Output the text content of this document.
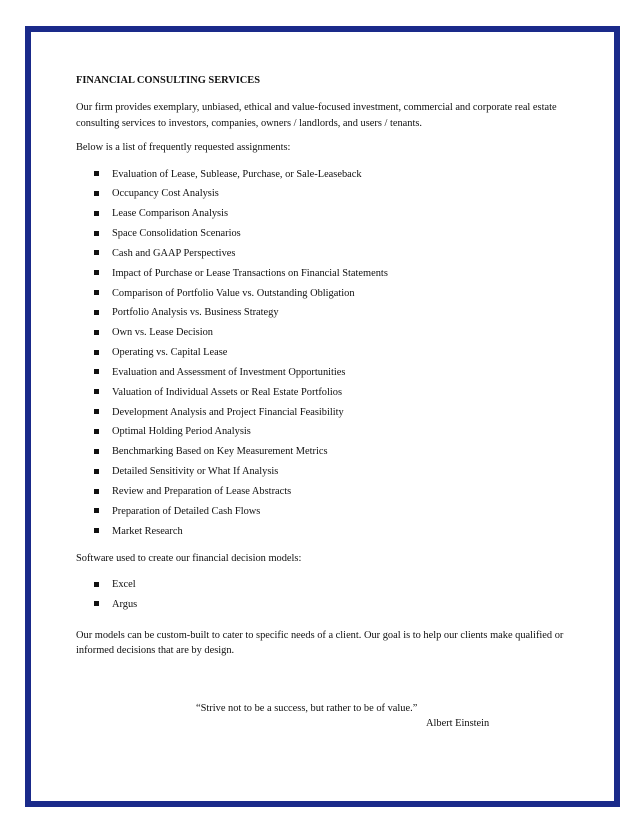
FINANCIAL CONSULTING SERVICES

Our firm provides exemplary, unbiased, ethical and value-focused investment, commercial and corporate real estate consulting services to investors, companies, owners / landlords, and users / tenants.

Below is a list of frequently requested assignments:

Evaluation of Lease, Sublease, Purchase, or Sale-Leaseback
Occupancy Cost Analysis
Lease Comparison Analysis
Space Consolidation Scenarios
Cash and GAAP Perspectives
Impact of Purchase or Lease Transactions on Financial Statements
Comparison of Portfolio Value vs. Outstanding Obligation
Portfolio Analysis vs. Business Strategy
Own vs. Lease Decision
Operating vs. Capital Lease
Evaluation and Assessment of Investment Opportunities
Valuation of Individual Assets or Real Estate Portfolios
Development Analysis and Project Financial Feasibility
Optimal Holding Period Analysis
Benchmarking Based on Key Measurement Metrics
Detailed Sensitivity or What If Analysis
Review and Preparation of Lease Abstracts
Preparation of Detailed Cash Flows
Market Research

Software used to create our financial decision models:

Excel
Argus

Our models can be custom-built to cater to specific needs of a client. Our goal is to help our clients make qualified or informed decisions that are by design.

“Strive not to be a success, but rather to be of value.”
Albert Einstein
